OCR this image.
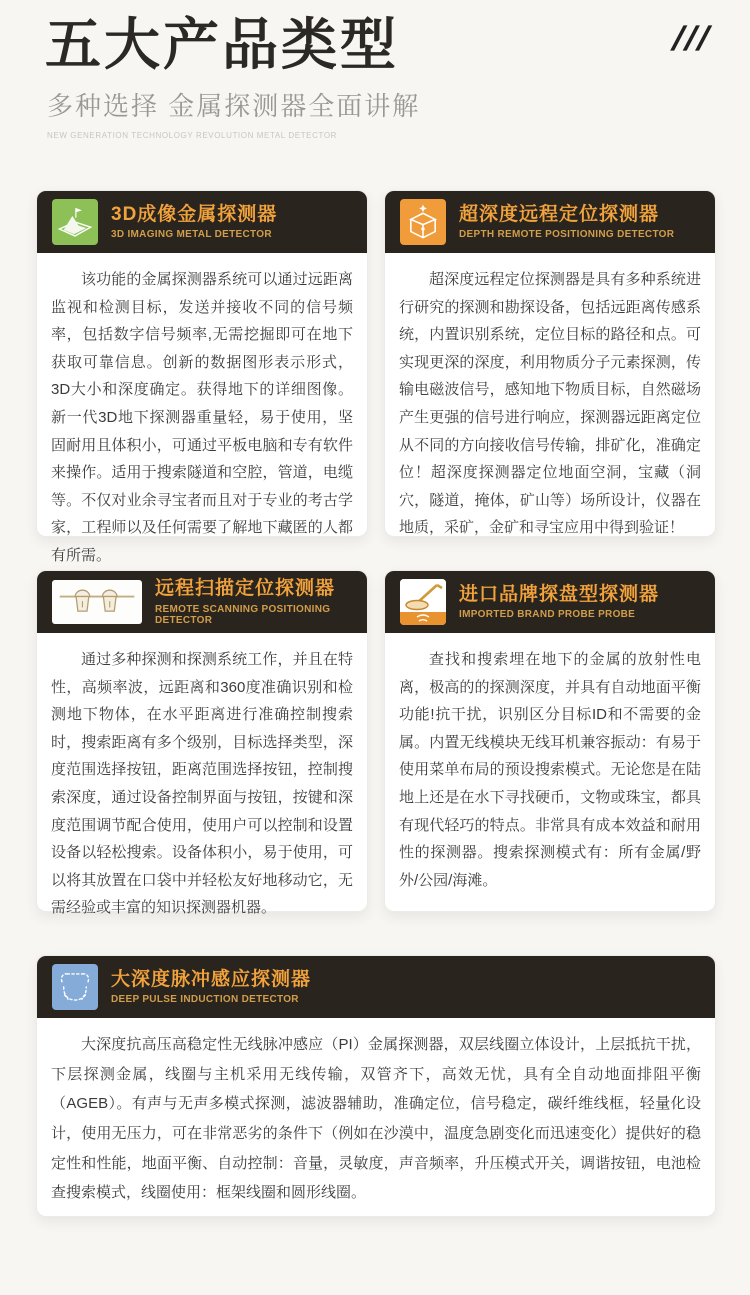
五大产品类型	///
多种选择 金属探测器全面讲解
NEW GENERATION TECHNOLOGY REVOLUTION METAL DETECTOR
3D成像金属探测器
3D IMAGING METAL DETECTOR

该功能的金属探测器系统可以通过远距离监视和检测目标，发送并接收不同的信号频率，包括数字信号频率,无需挖掘即可在地下获取可靠信息。创新的数据图形表示形式，3D大小和深度确定。获得地下的详细图像。新一代3D地下探测器重量轻，易于使用，坚固耐用且体积小，可通过平板电脑和专有软件来操作。适用于搜索隧道和空腔，管道，电缆等。不仅对业余寻宝者而且对于专业的考古学家，工程师以及任何需要了解地下藏匿的人都有所需。

超深度远程定位探测器
DEPTH REMOTE POSITIONING DETECTOR

超深度远程定位探测器是具有多种系统进行研究的探测和勘探设备，包括远距离传感系统，内置识别系统，定位目标的路径和点。可实现更深的深度，利用物质分子元素探测，传输电磁波信号，感知地下物质目标，自然磁场产生更强的信号进行响应，探测器远距离定位从不同的方向接收信号传输，排矿化，准确定位！超深度探测器定位地面空洞，宝藏（洞穴，隧道，掩体，矿山等）场所设计，仪器在地质，采矿，金矿和寻宝应用中得到验证！

远程扫描定位探测器
REMOTE SCANNING POSITIONING DETECTOR

通过多种探测和探测系统工作，并且在特性，高频率波，远距离和360度准确识别和检测地下物体，在水平距离进行准确控制搜索时，搜索距离有多个级别，目标选择类型，深度范围选择按钮，距离范围选择按钮，控制搜索深度，通过设备控制界面与按钮，按键和深度范围调节配合使用，使用户可以控制和设置设备以轻松搜索。设备体积小，易于使用，可以将其放置在口袋中并轻松友好地移动它，无需经验或丰富的知识探测器机器。

进口品牌探盘型探测器
IMPORTED BRAND PROBE PROBE

查找和搜索埋在地下的金属的放射性电离，极高的的探测深度，并具有自动地面平衡功能!抗干扰，识别区分目标ID和不需要的金属。内置无线模块无线耳机兼容振动：有易于使用菜单布局的预设搜索模式。无论您是在陆地上还是在水下寻找硬币，文物或珠宝，都具有现代轻巧的特点。非常具有成本效益和耐用性的探测器。搜索探测模式有：所有金属/野外/公园/海滩。

大深度脉冲感应探测器
DEEP PULSE INDUCTION DETECTOR

大深度抗高压高稳定性无线脉冲感应（PI）金属探测器，双层线圈立体设计，上层抵抗干扰，下层探测金属，线圈与主机采用无线传输，双管齐下，高效无忧，具有全自动地面排阻平衡（AGEB）。有声与无声多模式探测，滤波器辅助，准确定位，信号稳定，碳纤维线框，轻量化设计，使用无压力，可在非常恶劣的条件下（例如在沙漠中，温度急剧变化而迅速变化）提供好的稳定性和性能，地面平衡、自动控制：音量，灵敏度，声音频率，升压模式开关，调谐按钮，电池检查搜索模式，线圈使用：框架线圈和圆形线圈。
